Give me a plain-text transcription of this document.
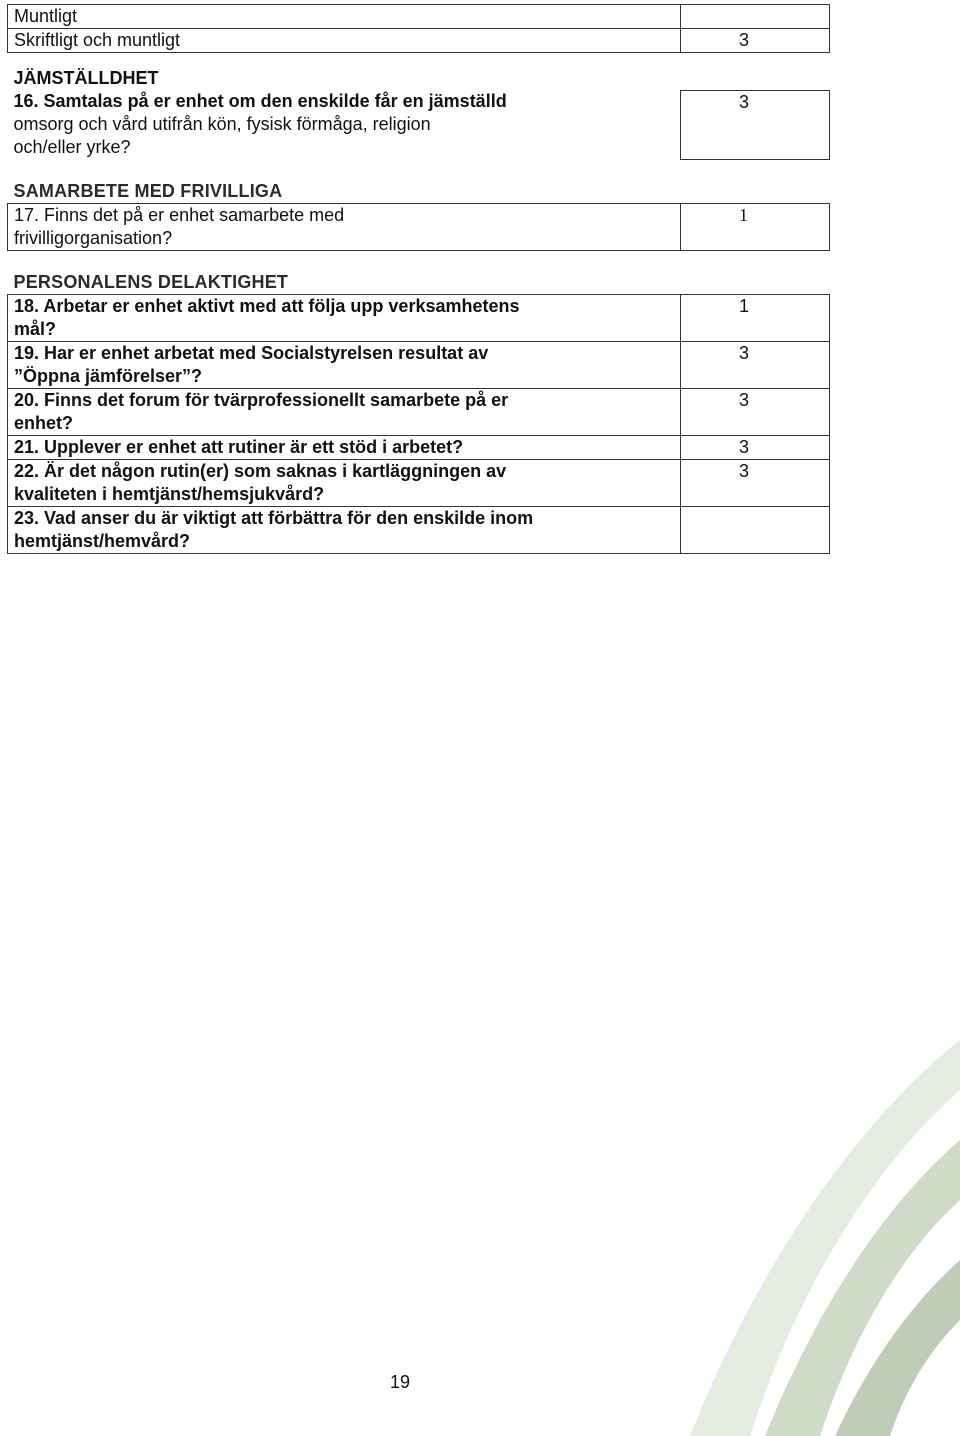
Muntligt	
Skriftligt och muntligt	3

JÄMSTÄLLDHET	

16. Samtalas på er enhet om den enskilde får en jämställd
omsorg och vård utifrån kön, fysisk förmåga, religion
och/eller yrke?	3

SAMARBETE MED FRIVILLIGA	

17. Finns det på er enhet samarbete med
frivilligorganisation?	1

PERSONALENS DELAKTIGHET	

18. Arbetar er enhet aktivt med att följa upp verksamhetens
mål?	1

19. Har er enhet arbetat med Socialstyrelsen resultat av
”Öppna jämförelser”?	3

20. Finns det forum för tvärprofessionellt samarbete på er
enhet?	3

21. Upplever er enhet att rutiner är ett stöd i arbetet?	3

22. Är det någon rutin(er) som saknas i kartläggningen av
kvaliteten i hemtjänst/hemsjukvård?	3

23. Vad anser du är viktigt att förbättra för den enskilde inom
hemtjänst/hemvård?	

19
